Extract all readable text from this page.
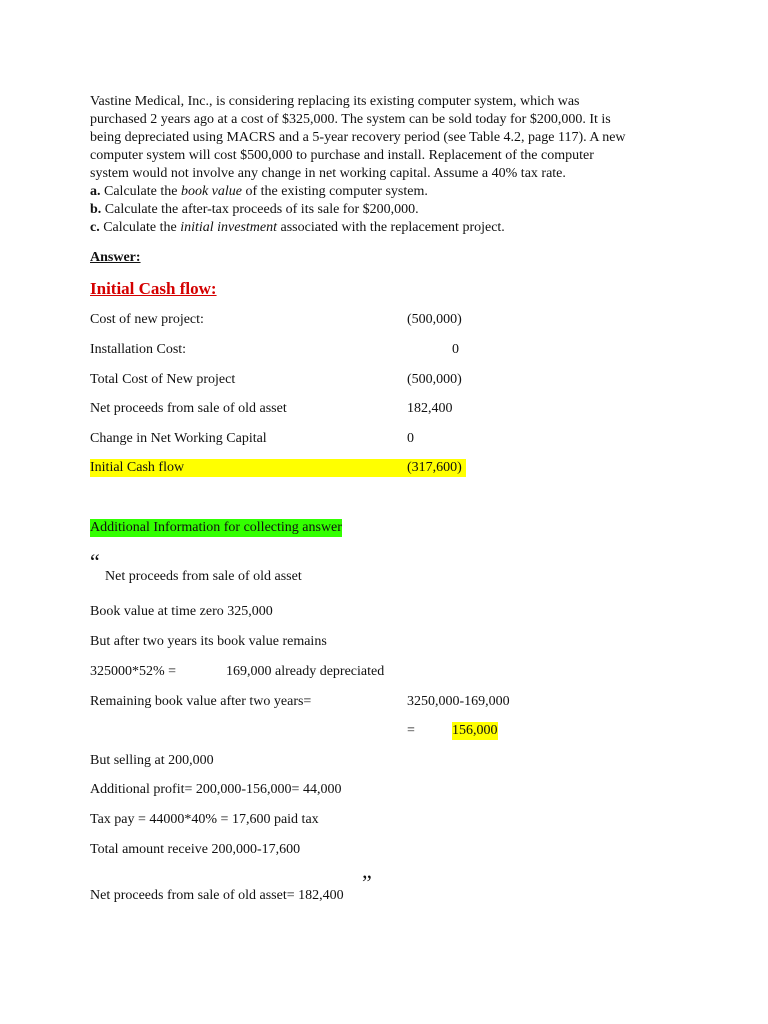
Vastine Medical, Inc., is considering replacing its existing computer system, which was
purchased 2 years ago at a cost of $325,000. The system can be sold today for $200,000. It is
being depreciated using MACRS and a 5-year recovery period (see Table 4.2, page 117). A new
computer system will cost $500,000 to purchase and install. Replacement of the computer
system would not involve any change in net working capital. Assume a 40% tax rate.
a. Calculate the book value of the existing computer system.
b. Calculate the after-tax proceeds of its sale for $200,000.
c. Calculate the initial investment associated with the replacement project.
Answer:
Initial Cash flow:
Cost of new project:	(500,000)
Installation Cost:	0
Total Cost of New project	(500,000)
Net proceeds from sale of old asset	182,400
Change in Net Working Capital	0
Initial Cash flow	(317,600)
Additional Information for collecting answer
“
Net proceeds from sale of old asset
Book value at time zero 325,000
But after two years its book value remains
325000*52% =	169,000 already depreciated
Remaining book value after two years=	3250,000-169,000
=	156,000
But selling at 200,000
Additional profit= 200,000-156,000= 44,000
Tax pay = 44000*40% = 17,600 paid tax
Total amount receive 200,000-17,600
Net proceeds from sale of old asset= 182,400
”
